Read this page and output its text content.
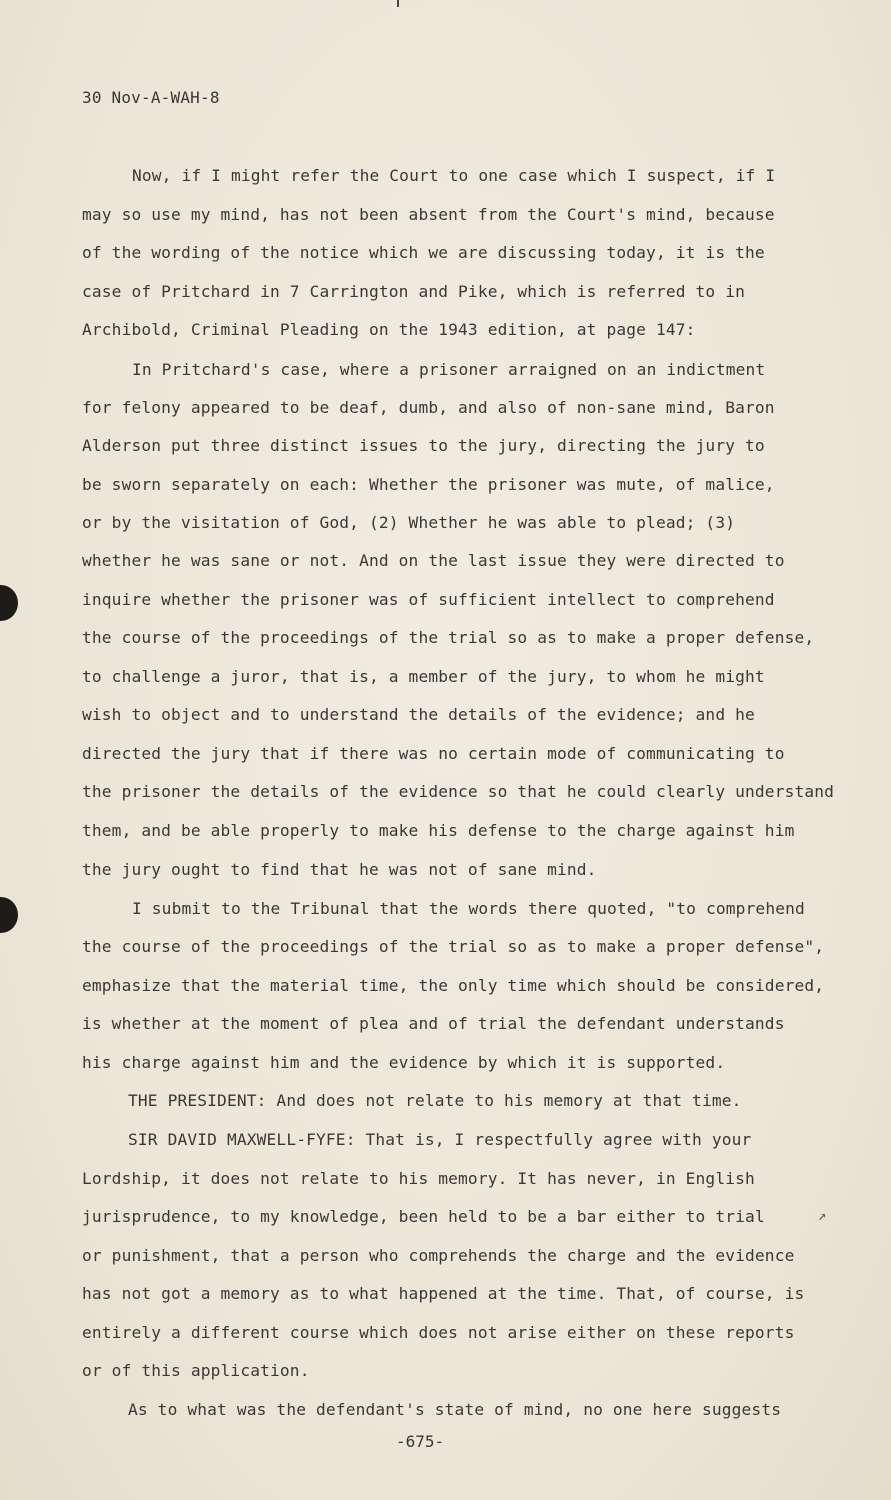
↗
30 Nov-A-WAH-8
Now, if I might refer the Court to one case which I suspect, if I
may so use my mind, has not been absent from the Court's mind, because
of the wording of the notice which we are discussing today, it is the
case of Pritchard in 7 Carrington and Pike, which is referred to in
Archibold, Criminal Pleading on the 1943 edition, at page 147:
In Pritchard's case, where a prisoner arraigned on an indictment
for felony appeared to be deaf, dumb, and also of non-sane mind, Baron
Alderson put three distinct issues to the jury, directing the jury to
be sworn separately on each: Whether the prisoner was mute, of malice,
or by the visitation of God, (2) Whether he was able to plead; (3)
whether he was sane or not. And on the last issue they were directed to
inquire whether the prisoner was of sufficient intellect to comprehend
the course of the proceedings of the trial so as to make a proper defense,
to challenge a juror, that is, a member of the jury, to whom he might
wish to object and to understand the details of the evidence; and he
directed the jury that if there was no certain mode of communicating to
the prisoner the details of the evidence so that he could clearly understand
them, and be able properly to make his defense to the charge against him
the jury ought to find that he was not of sane mind.
I submit to the Tribunal that the words there quoted, "to comprehend
the course of the proceedings of the trial so as to make a proper defense",
emphasize that the material time, the only time which should be considered,
is whether at the moment of plea and of trial the defendant understands
his charge against him and the evidence by which it is supported.
THE PRESIDENT: And does not relate to his memory at that time.
SIR DAVID MAXWELL-FYFE: That is, I respectfully agree with your
Lordship, it does not relate to his memory. It has never, in English
jurisprudence, to my knowledge, been held to be a bar either to trial
or punishment, that a person who comprehends the charge and the evidence
has not got a memory as to what happened at the time. That, of course, is
entirely a different course which does not arise either on these reports
or of this application.
As to what was the defendant's state of mind, no one here suggests
-675-
